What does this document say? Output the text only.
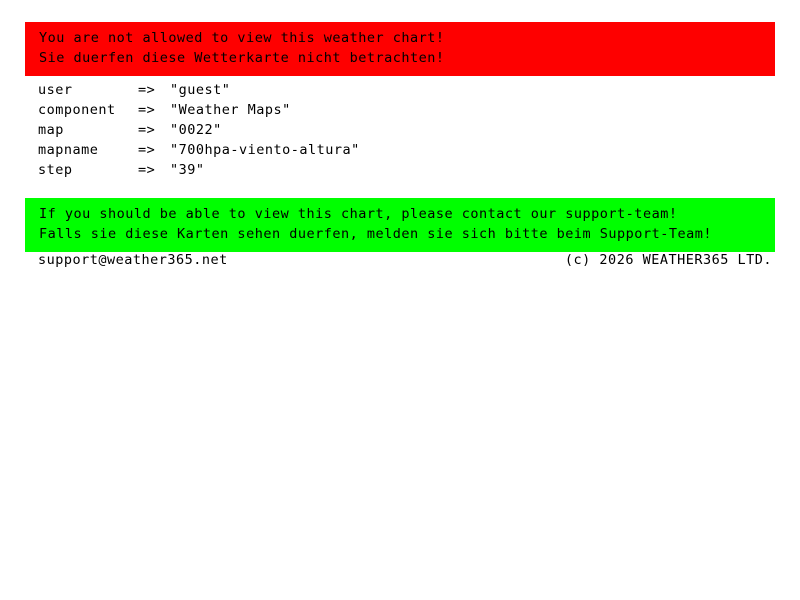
You are not allowed to view this weather chart!
Sie duerfen diese Wetterkarte nicht betrachten!
user	=>	"guest"
component	=>	"Weather Maps"
map	=>	"0022"
mapname	=>	"700hpa-viento-altura"
step	=>	"39"
If you should be able to view this chart, please contact our support-team!
Falls sie diese Karten sehen duerfen, melden sie sich bitte beim Support-Team!
support@weather365.net	(c) 2026 WEATHER365 LTD.
